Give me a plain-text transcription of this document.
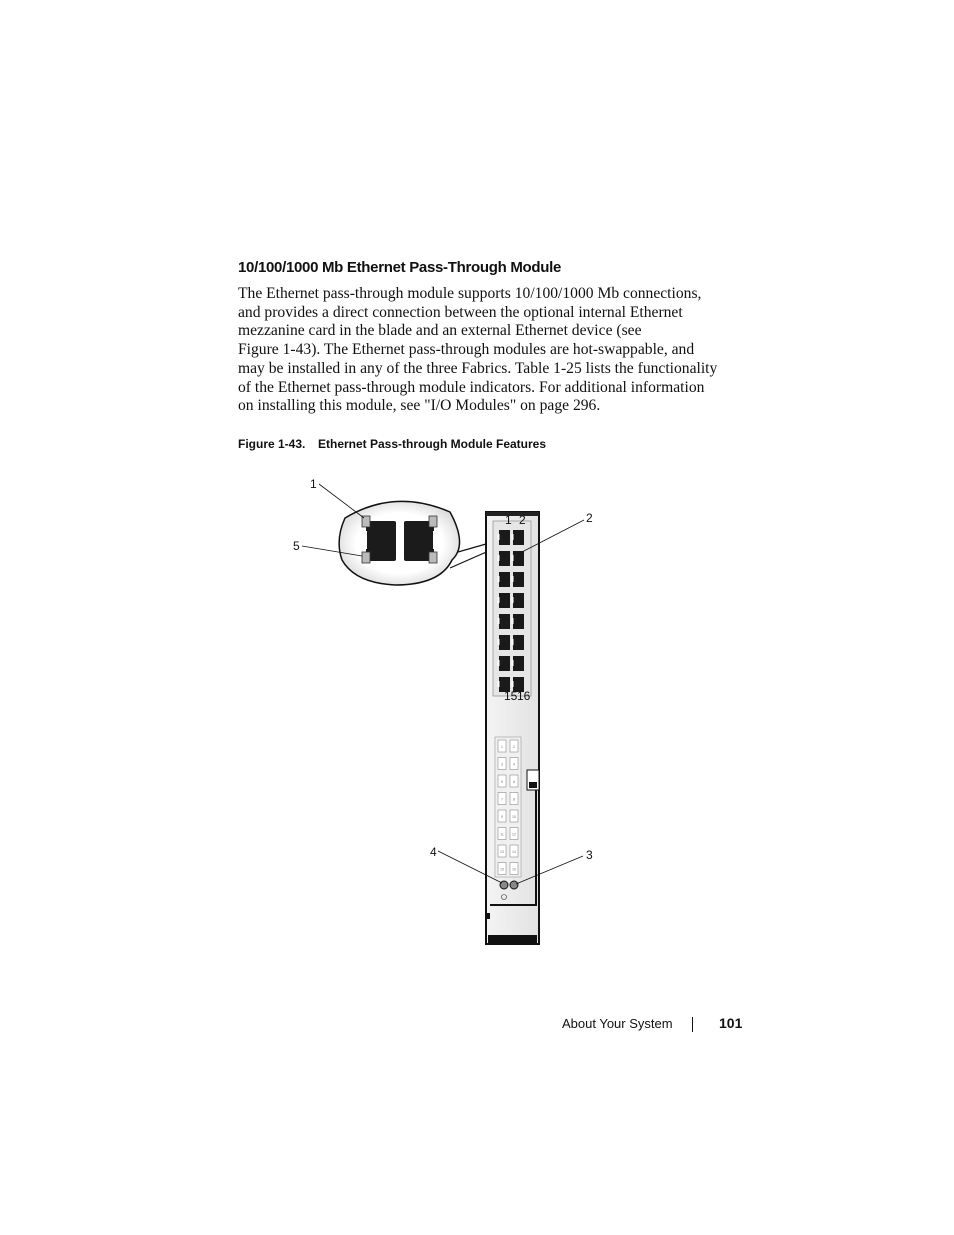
10/100/1000 Mb Ethernet Pass-Through Module
The Ethernet pass-through module supports 10/100/1000 Mb connections,
and provides a direct connection between the optional internal Ethernet
mezzanine card in the blade and an external Ethernet device (see
Figure 1-43). The Ethernet pass-through modules are hot-swappable, and
may be installed in any of the three Fabrics. Table 1-25 lists the functionality
of the Ethernet pass-through module indicators. For additional information
on installing this module, see "I/O Modules" on page 296.
Figure 1-43. Ethernet Pass-through Module Features
1 2
15 16
1	2
3	4
5	6
7	8
9	10
11 12
13 14
15 16
1
2
3
4
5
About Your System	101
